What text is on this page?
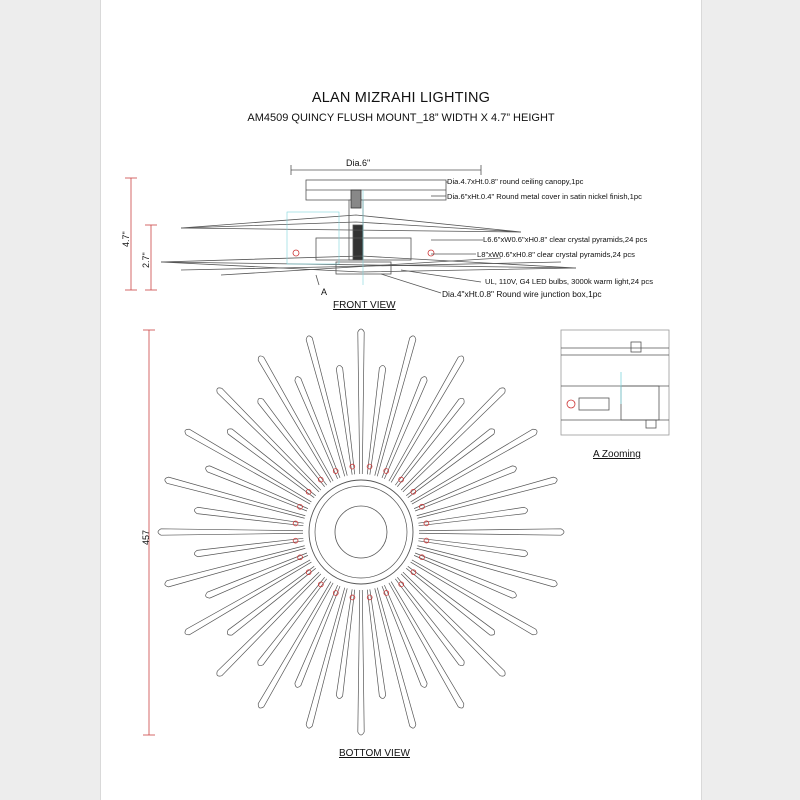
ALAN MIZRAHI LIGHTING
AM4509 QUINCY FLUSH MOUNT_18” WIDTH X 4.7” HEIGHT
Dia.6"
4.7"
2.7"
A
Dia.4.7xHt.0.8" round ceiling canopy,1pc
Dia.6"xHt.0.4" Round metal cover in satin nickel finish,1pc
L6.6"xW0.6"xH0.8" clear crystal pyramids,24 pcs
L8"xW0.6"xH0.8" clear crystal pyramids,24 pcs
UL, 110V, G4 LED bulbs, 3000k warm light,24 pcs
Dia.4"xHt.0.8" Round wire junction box,1pc
FRONT VIEW
A Zooming
BOTTOM VIEW
457
